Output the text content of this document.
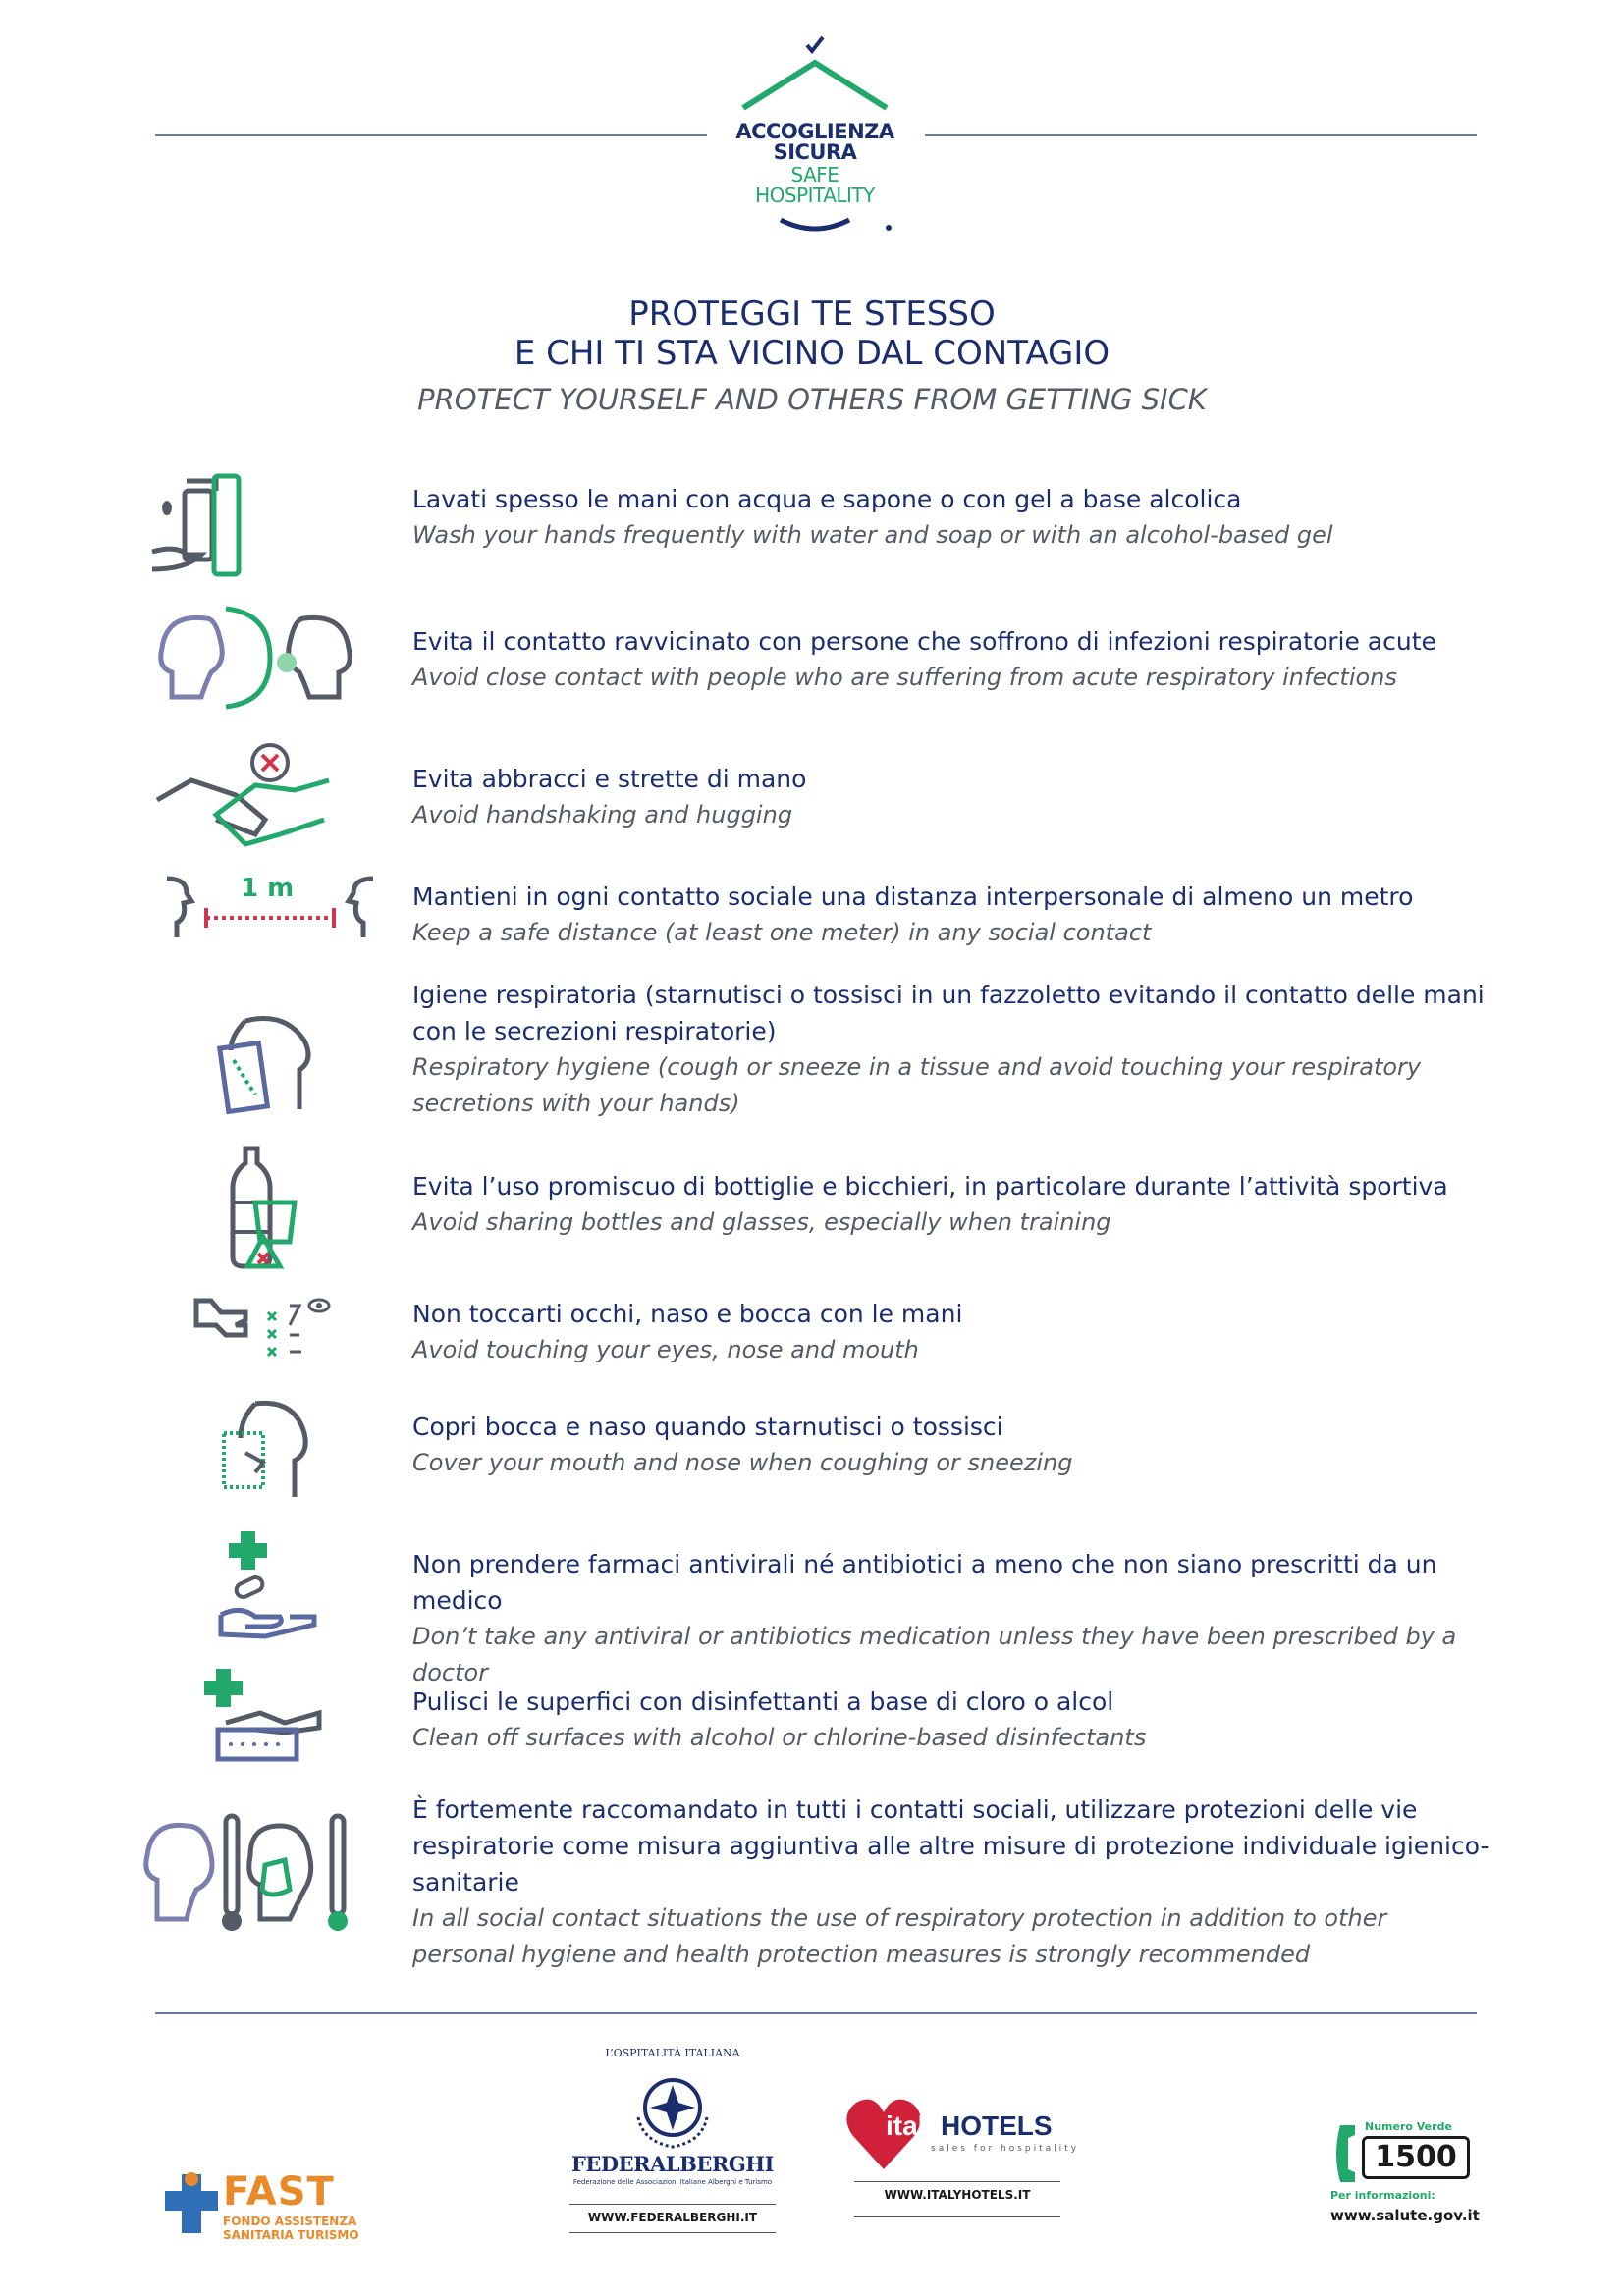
ACCOGLIENZA
SICURA
SAFE
HOSPITALITY
PROTEGGI TE STESSO
E CHI TI STA VICINO DAL CONTAGIO
PROTECT YOURSELF AND OTHERS FROM GETTING SICK
Lavati spesso le mani con acqua e sapone o con gel a base alcolica
Wash your hands frequently with water and soap or with an alcohol-based gel
Evita il contatto ravvicinato con persone che soffrono di infezioni respiratorie acute
Avoid close contact with people who are suffering from acute respiratory infections
Evita abbracci e strette di mano
Avoid handshaking and hugging
1 m	Mantieni in ogni contatto sociale una distanza interpersonale di almeno un metro
Keep a safe distance (at least one meter) in any social contact
Igiene respiratoria (starnutisci o tossisci in un fazzoletto evitando il contatto delle mani con le secrezioni respiratorie)
Respiratory hygiene (cough or sneeze in a tissue and avoid touching your respiratory secretions with your hands)
Evita l’uso promiscuo di bottiglie e bicchieri, in particolare durante l’attività sportiva
Avoid sharing bottles and glasses, especially when training
Non toccarti occhi, naso e bocca con le mani
Avoid touching your eyes, nose and mouth
Copri bocca e naso quando starnutisci o tossisci
Cover your mouth and nose when coughing or sneezing
Non prendere farmaci antivirali né antibiotici a meno che non siano prescritti da un medico
Don’t take any antiviral or antibiotics medication unless they have been prescribed by a doctor
Pulisci le superfici con disinfettanti a base di cloro o alcol
Clean off surfaces with alcohol or chlorine-based disinfectants
È fortemente raccomandato in tutti i contatti sociali, utilizzare protezioni delle vie respiratorie come misura aggiuntiva alle altre misure di protezione individuale igienico-sanitarie
In all social contact situations the use of respiratory protection in addition to other personal hygiene and health protection measures is strongly recommended
FAST
FONDO ASSISTENZA
SANITARIA TURISMO
L’OSPITALITÀ ITALIANA
FEDERALBERGHI
Federazione delle Associazioni Italiane Alberghi e Turismo
WWW.FEDERALBERGHI.IT
italyHOTELS
sales for hospitality
WWW.ITALYHOTELS.IT
Numero Verde
1500
Per informazioni:
www.salute.gov.it
